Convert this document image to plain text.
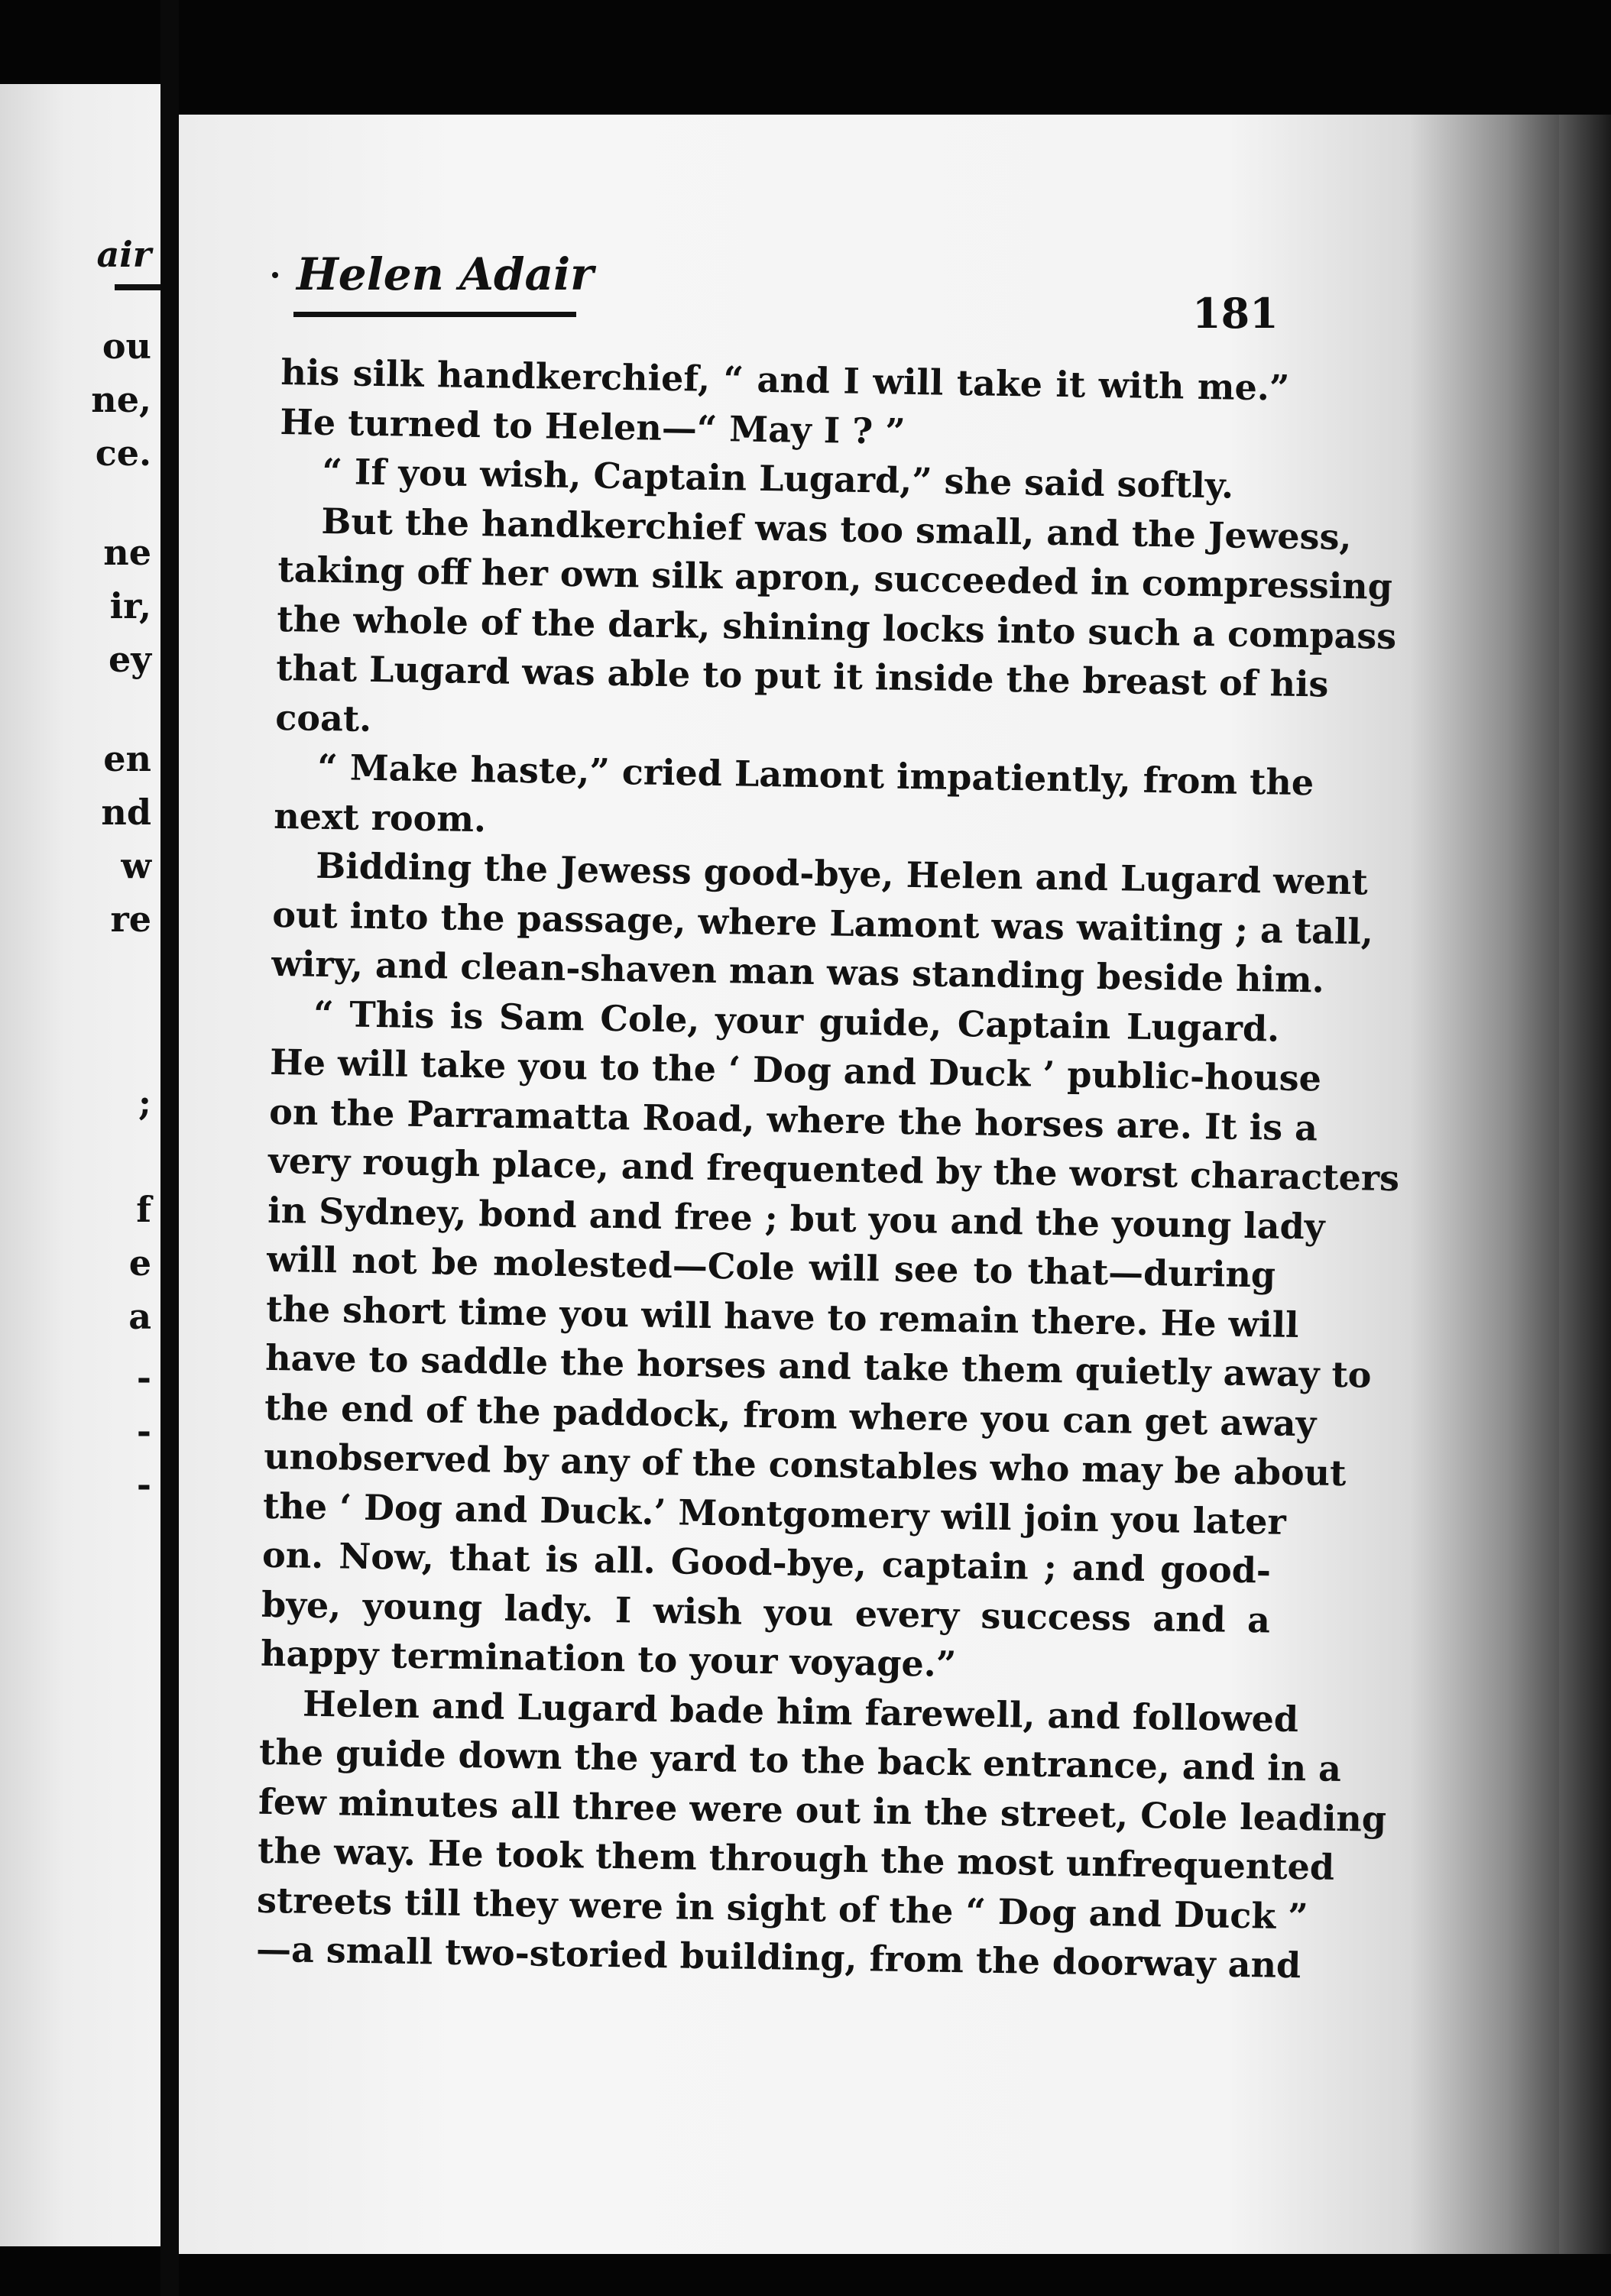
air
ou
ne,
ce.
ne
ir,
ey
en
nd
w
re
;
f
e
a
-
-
-
Helen Adair
181
his silk handkerchief, “ and I will take it with me.”
He turned to Helen—“ May I ? ”
“ If you wish, Captain Lugard,” she said softly.
But the handkerchief was too small, and the Jewess,
taking off her own silk apron, succeeded in compressing
the whole of the dark, shining locks into such a compass
that Lugard was able to put it inside the breast of his
coat.
“ Make haste,” cried Lamont impatiently, from the
next room.
Bidding the Jewess good-bye, Helen and Lugard went
out into the passage, where Lamont was waiting ; a tall,
wiry, and clean-shaven man was standing beside him.
“ This is Sam Cole, your guide, Captain Lugard.
He will take you to the ‘ Dog and Duck ’ public-house
on the Parramatta Road, where the horses are. It is a
very rough place, and frequented by the worst characters
in Sydney, bond and free ; but you and the young lady
will not be molested—Cole will see to that—during
the short time you will have to remain there. He will
have to saddle the horses and take them quietly away to
the end of the paddock, from where you can get away
unobserved by any of the constables who may be about
the ‘ Dog and Duck.’ Montgomery will join you later
on. Now, that is all. Good-bye, captain ; and good-
bye, young lady. I wish you every success and a
happy termination to your voyage.”
Helen and Lugard bade him farewell, and followed
the guide down the yard to the back entrance, and in a
few minutes all three were out in the street, Cole leading
the way. He took them through the most unfrequented
streets till they were in sight of the “ Dog and Duck ”
—a small two-storied building, from the doorway and
